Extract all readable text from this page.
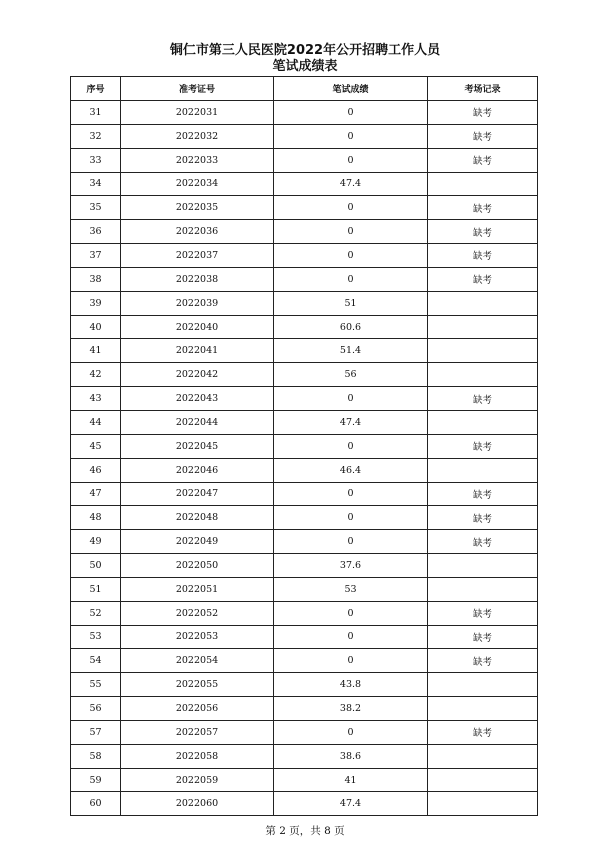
铜仁市第三人民医院2022年公开招聘工作人员
笔试成绩表
序号	准考证号	笔试成绩	考场记录
31	2022031	0	缺考
32	2022032	0	缺考
33	2022033	0	缺考
34	2022034	47.4	
35	2022035	0	缺考
36	2022036	0	缺考
37	2022037	0	缺考
38	2022038	0	缺考
39	2022039	51	
40	2022040	60.6	
41	2022041	51.4	
42	2022042	56	
43	2022043	0	缺考
44	2022044	47.4	
45	2022045	0	缺考
46	2022046	46.4	
47	2022047	0	缺考
48	2022048	0	缺考
49	2022049	0	缺考
50	2022050	37.6	
51	2022051	53	
52	2022052	0	缺考
53	2022053	0	缺考
54	2022054	0	缺考
55	2022055	43.8	
56	2022056	38.2	
57	2022057	0	缺考
58	2022058	38.6	
59	2022059	41	
60	2022060	47.4	
第 2 页，共 8 页
